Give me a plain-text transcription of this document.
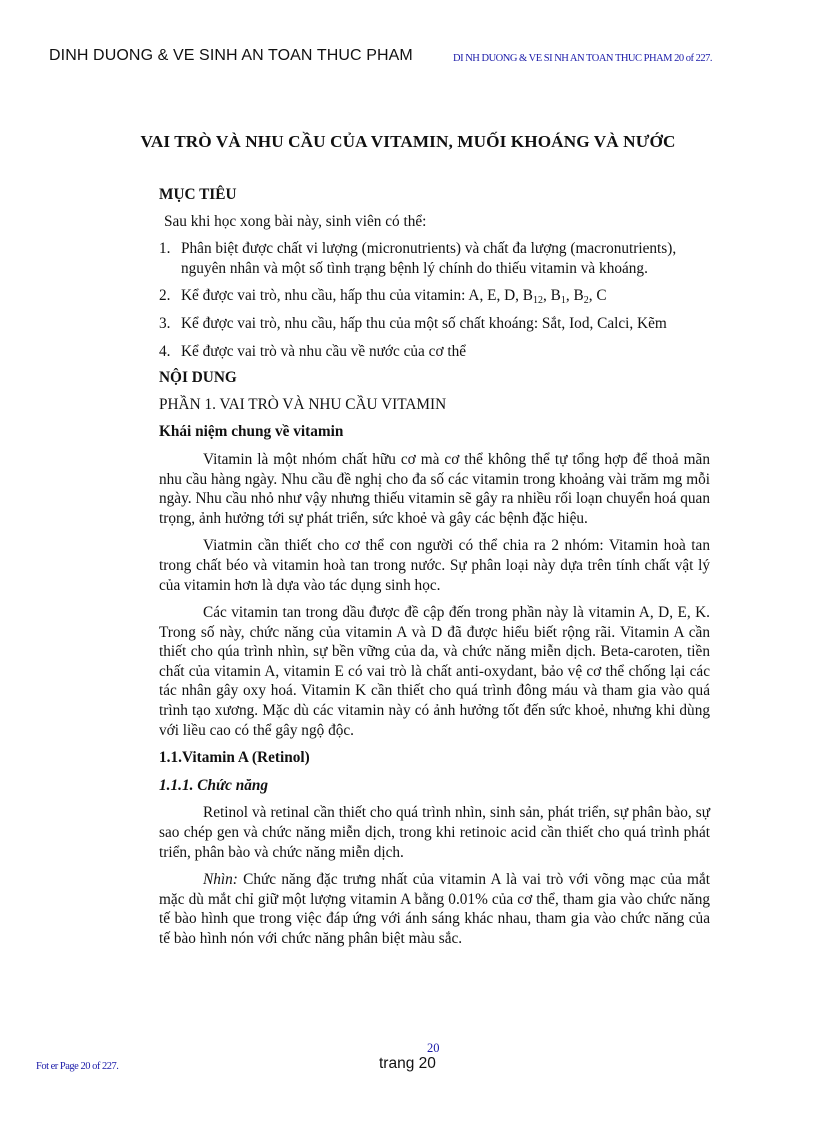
DINH DUONG & VE SINH AN TOAN THUC PHAM	DI NH DUONG & VE SI NH AN TOAN THUC PHAM 20 of 227.
VAI TRÒ VÀ NHU CẦU CỦA VITAMIN, MUỐI KHOÁNG VÀ NƯỚC

MỤC TIÊU

Sau khi học xong bài này, sinh viên có thể:

1. Phân biệt được chất vi lượng (micronutrients) và chất đa lượng (macronutrients), nguyên nhân và một số tình trạng bệnh lý chính do thiếu vitamin và khoáng.
2. Kể được vai trò, nhu cầu, hấp thu của vitamin: A, E, D, $B_{12}$, $B_1$, $B_2$, C
3. Kể được vai trò, nhu cầu, hấp thu của một số chất khoáng: Sắt, Iod, Calci, Kẽm
4. Kể được vai trò và nhu cầu về nước của cơ thể

NỘI DUNG

PHẦN 1. VAI TRÒ VÀ NHU CẦU VITAMIN

Khái niệm chung về vitamin

Vitamin là một nhóm chất hữu cơ mà cơ thể không thể tự tổng hợp để thoả mãn nhu cầu hàng ngày. Nhu cầu đề nghị cho đa số các vitamin trong khoảng vài trăm mg mỗi ngày. Nhu cầu nhỏ như vậy nhưng thiếu vitamin sẽ gây ra nhiều rối loạn chuyển hoá quan trọng, ảnh hưởng tới sự phát triển, sức khoẻ và gây các bệnh đặc hiệu.

Viatmin cần thiết cho cơ thể con người có thể chia ra 2 nhóm: Vitamin hoà tan trong chất béo và vitamin hoà tan trong nước. Sự phân loại này dựa trên tính chất vật lý của vitamin hơn là dựa vào tác dụng sinh học.

Các vitamin tan trong dầu được đề cập đến trong phần này là vitamin A, D, E, K. Trong số này, chức năng của vitamin A và D đã được hiểu biết rộng rãi. Vitamin A cần thiết cho qúa trình nhìn, sự bền vững của da, và chức năng miễn dịch. Beta-caroten, tiền chất của vitamin A, vitamin E có vai trò là chất anti-oxydant, bảo vệ cơ thể chống lại các tác nhân gây oxy hoá. Vitamin K cần thiết cho quá trình đông máu và tham gia vào quá trình tạo xương. Mặc dù các vitamin này có ảnh hưởng tốt đến sức khoẻ, nhưng khi dùng với liều cao có thể gây ngộ độc.

1.1.Vitamin A (Retinol)

1.1.1. Chức năng

Retinol và retinal cần thiết cho quá trình nhìn, sinh sản, phát triển, sự phân bào, sự sao chép gen và chức năng miễn dịch, trong khi retinoic acid cần thiết cho quá trình phát triển, phân bào và chức năng miễn dịch.

Nhìn: Chức năng đặc trưng nhất của vitamin A là vai trò với võng mạc của mắt mặc dù mắt chỉ giữ một lượng vitamin A bằng 0.01% của cơ thể, tham gia vào chức năng tế bào hình que trong việc đáp ứng với ánh sáng khác nhau, tham gia vào chức năng của tế bào hình nón với chức năng phân biệt màu sắc.

Fot er Page 20 of 227.
20
trang 20
